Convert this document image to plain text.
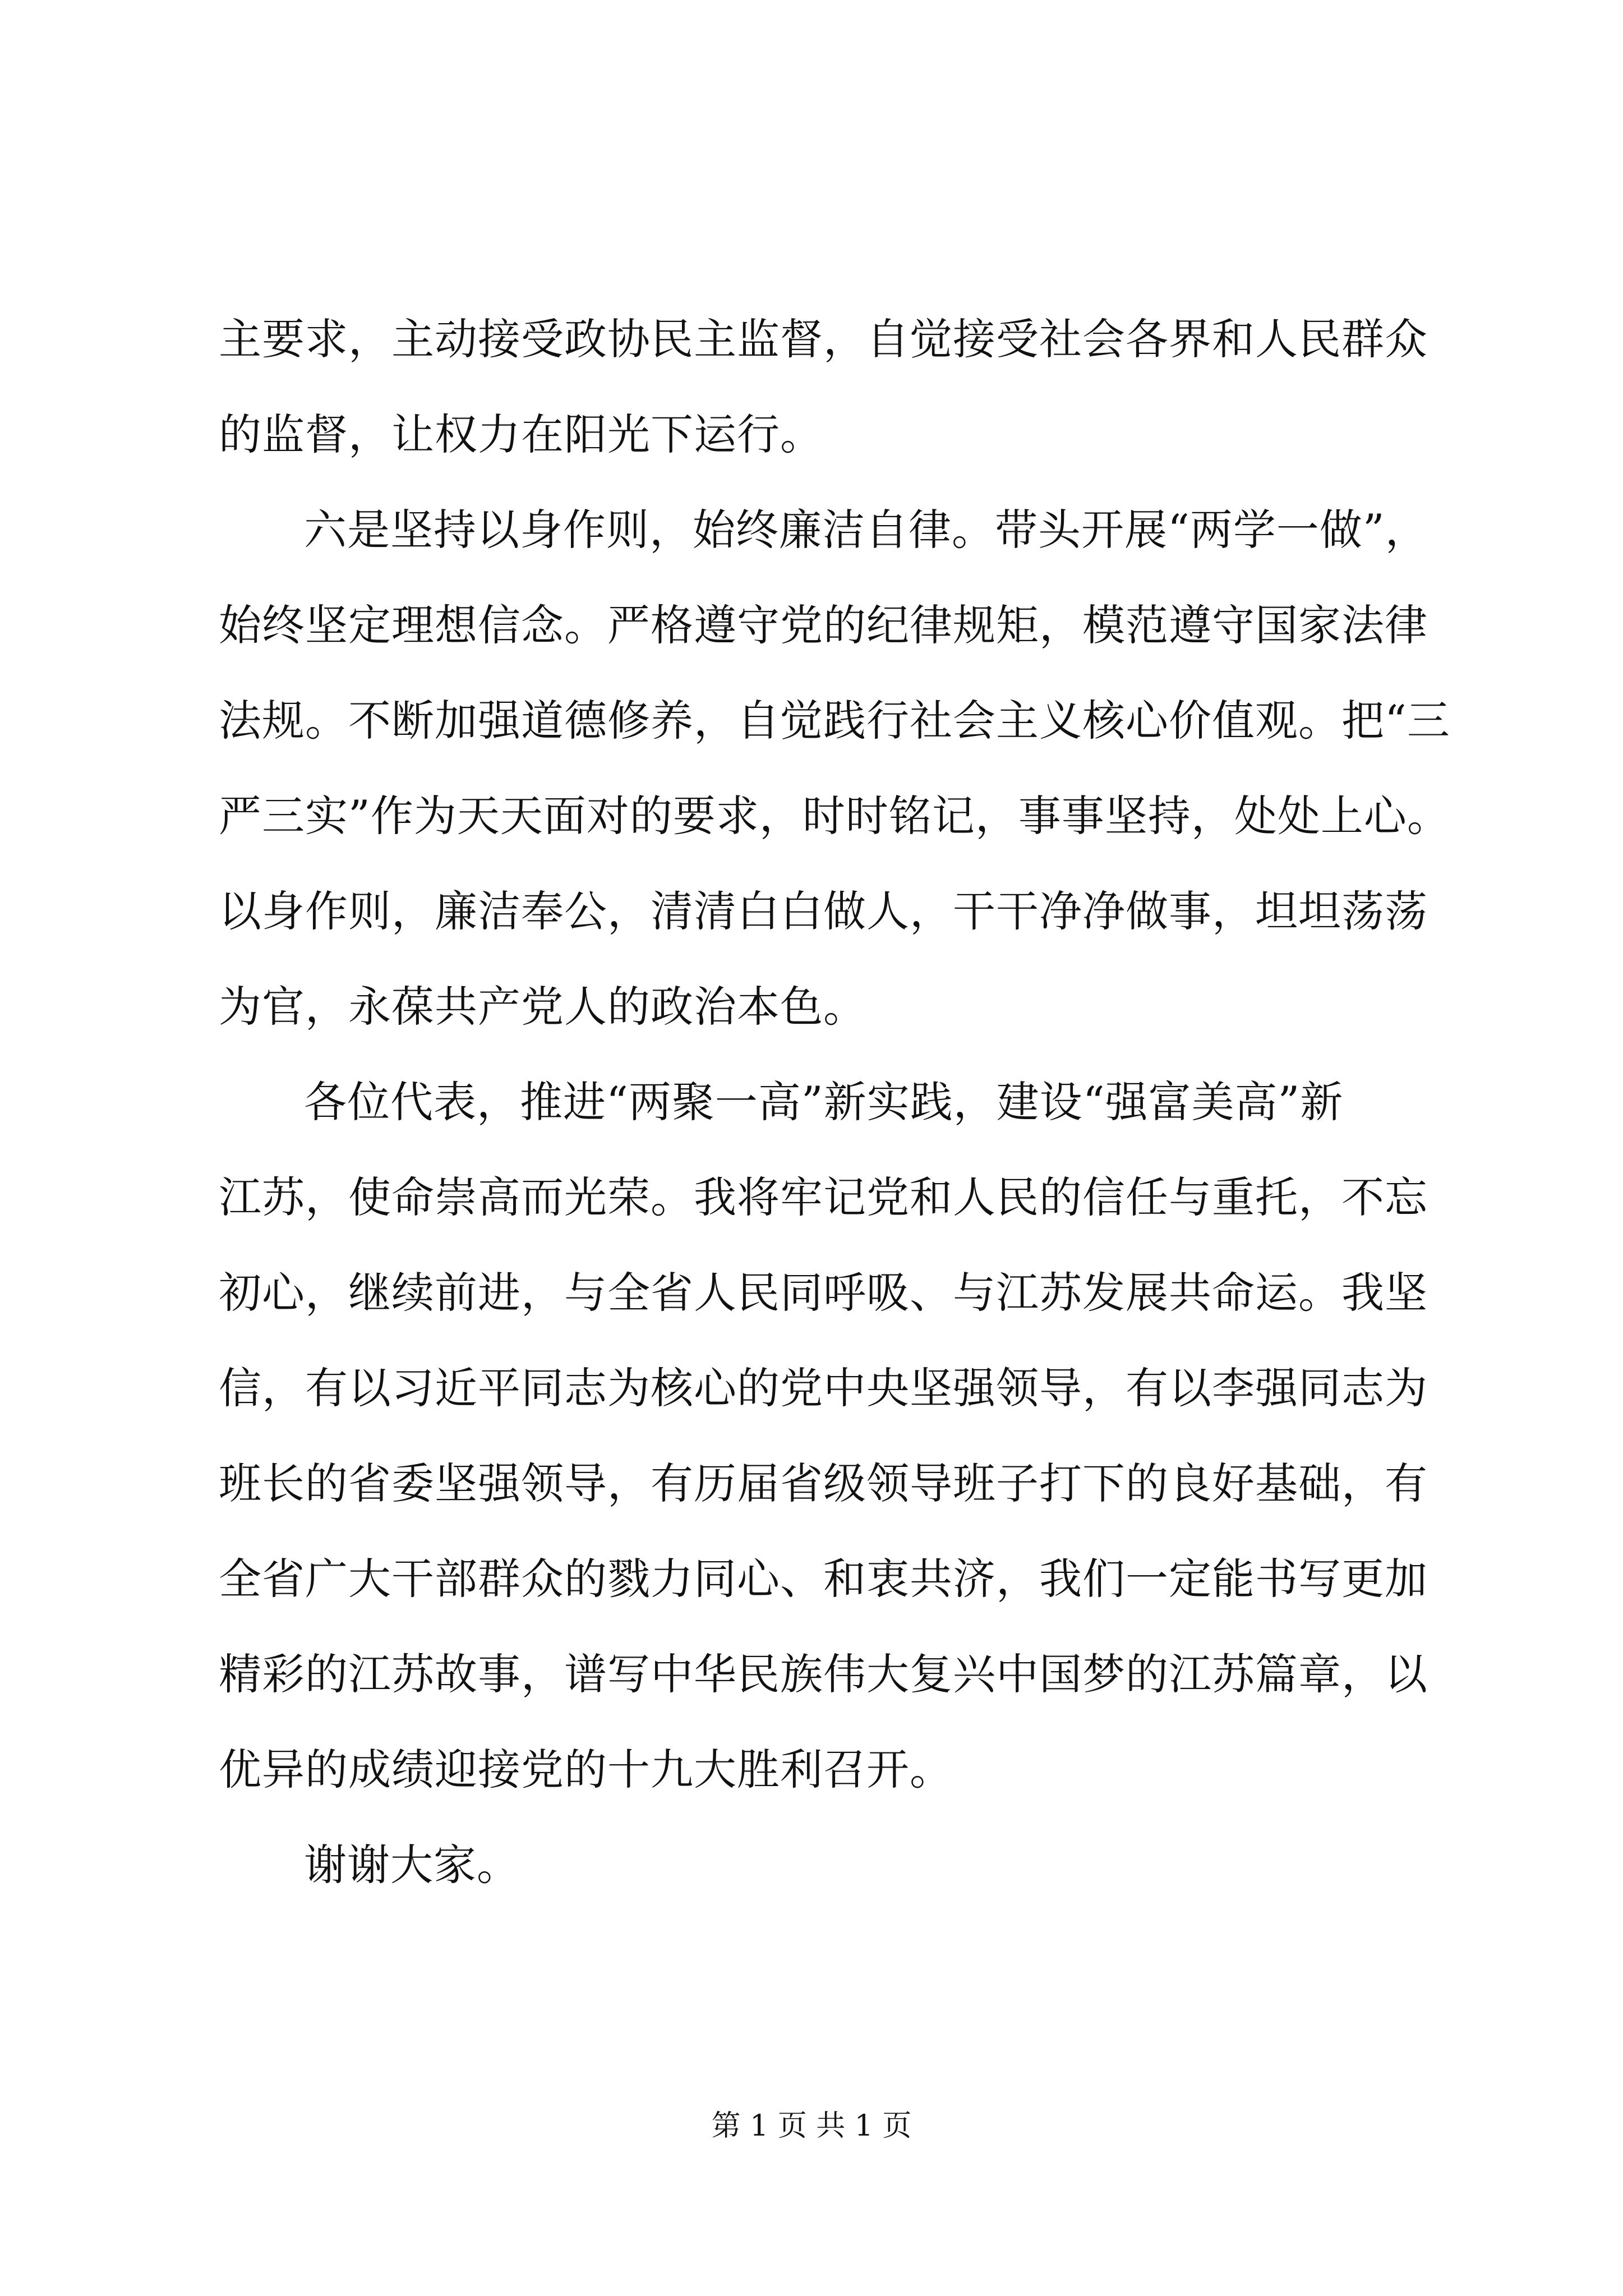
主要求，主动接受政协民主监督，自觉接受社会各界和人民群众
的监督，让权力在阳光下运行。
六是坚持以身作则，始终廉洁自律。带头开展“两学一做”，
始终坚定理想信念。严格遵守党的纪律规矩，模范遵守国家法律
法规。不断加强道德修养，自觉践行社会主义核心价值观。把“三
严三实”作为天天面对的要求，时时铭记，事事坚持，处处上心。
以身作则，廉洁奉公，清清白白做人，干干净净做事，坦坦荡荡
为官，永葆共产党人的政治本色。
各位代表，推进“两聚一高”新实践，建设“强富美高”新
江苏，使命崇高而光荣。我将牢记党和人民的信任与重托，不忘
初心，继续前进，与全省人民同呼吸、与江苏发展共命运。我坚
信，有以习近平同志为核心的党中央坚强领导，有以李强同志为
班长的省委坚强领导，有历届省级领导班子打下的良好基础，有
全省广大干部群众的戮力同心、和衷共济，我们一定能书写更加
精彩的江苏故事，谱写中华民族伟大复兴中国梦的江苏篇章，以
优异的成绩迎接党的十九大胜利召开。
谢谢大家。
第 1 页 共 1 页
